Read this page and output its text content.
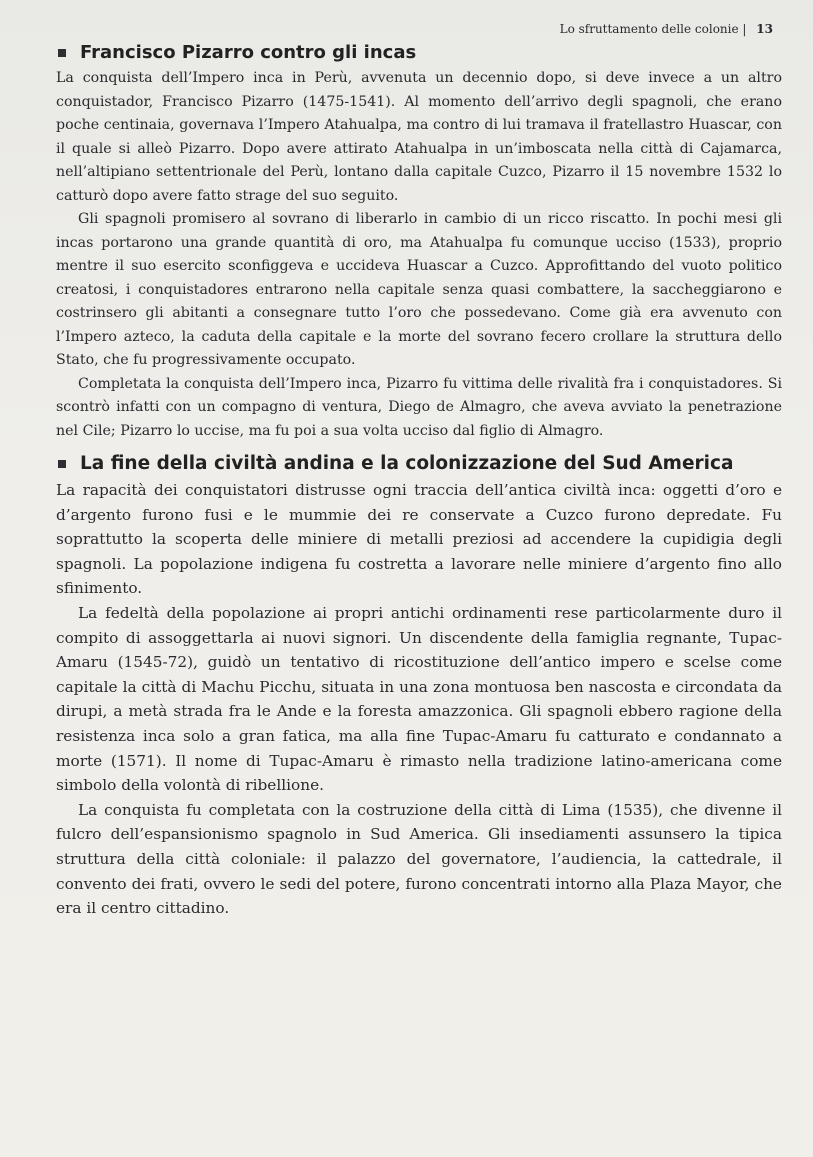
Lo sfruttamento delle colonie | 13
Francisco Pizarro contro gli incas

La conquista dell’Impero inca in Perù, avvenuta un decennio dopo, si deve invece a un altro conquistador, Francisco Pizarro (1475-1541). Al momento dell’arrivo degli spagnoli, che erano poche centinaia, governava l’Impero Atahualpa, ma contro di lui tramava il fratellastro Huascar, con il quale si alleò Pizarro. Dopo avere attirato Atahualpa in un’imboscata nella città di Cajamarca, nell’altipiano settentrionale del Perù, lontano dalla capitale Cuzco, Pizarro il 15 novembre 1532 lo catturò dopo avere fatto strage del suo seguito.

Gli spagnoli promisero al sovrano di liberarlo in cambio di un ricco riscatto. In pochi mesi gli incas portarono una grande quantità di oro, ma Atahualpa fu comunque ucciso (1533), proprio mentre il suo esercito sconfiggeva e uccideva Huascar a Cuzco. Approfittando del vuoto politico creatosi, i conquistadores entrarono nella capitale senza quasi combattere, la saccheggiarono e costrinsero gli abitanti a consegnare tutto l’oro che possedevano. Come già era avvenuto con l’Impero azteco, la caduta della capitale e la morte del sovrano fecero crollare la struttura dello Stato, che fu progressivamente occupato.

Completata la conquista dell’Impero inca, Pizarro fu vittima delle rivalità fra i conquistadores. Si scontrò infatti con un compagno di ventura, Diego de Almagro, che aveva avviato la penetrazione nel Cile; Pizarro lo uccise, ma fu poi a sua volta ucciso dal figlio di Almagro.

La fine della civiltà andina e la colonizzazione del Sud America

La rapacità dei conquistatori distrusse ogni traccia dell’antica civiltà inca: oggetti d’oro e d’argento furono fusi e le mummie dei re conservate a Cuzco furono depredate. Fu soprattutto la scoperta delle miniere di metalli preziosi ad accendere la cupidigia degli spagnoli. La popolazione indigena fu costretta a lavorare nelle miniere d’argento fino allo sfinimento.

La fedeltà della popolazione ai propri antichi ordinamenti rese particolarmente duro il compito di assoggettarla ai nuovi signori. Un discendente della famiglia regnante, Tupac-Amaru (1545-72), guidò un tentativo di ricostituzione dell’antico impero e scelse come capitale la città di Machu Picchu, situata in una zona montuosa ben nascosta e circondata da dirupi, a metà strada fra le Ande e la foresta amazzonica. Gli spagnoli ebbero ragione della resistenza inca solo a gran fatica, ma alla fine Tupac-Amaru fu catturato e condannato a morte (1571). Il nome di Tupac-Amaru è rimasto nella tradizione latino-americana come simbolo della volontà di ribellione.

La conquista fu completata con la costruzione della città di Lima (1535), che divenne il fulcro dell’espansionismo spagnolo in Sud America. Gli insediamenti assunsero la tipica struttura della città coloniale: il palazzo del governatore, l’audiencia, la cattedrale, il convento dei frati, ovvero le sedi del potere, furono concentrati intorno alla Plaza Mayor, che era il centro cittadino.
